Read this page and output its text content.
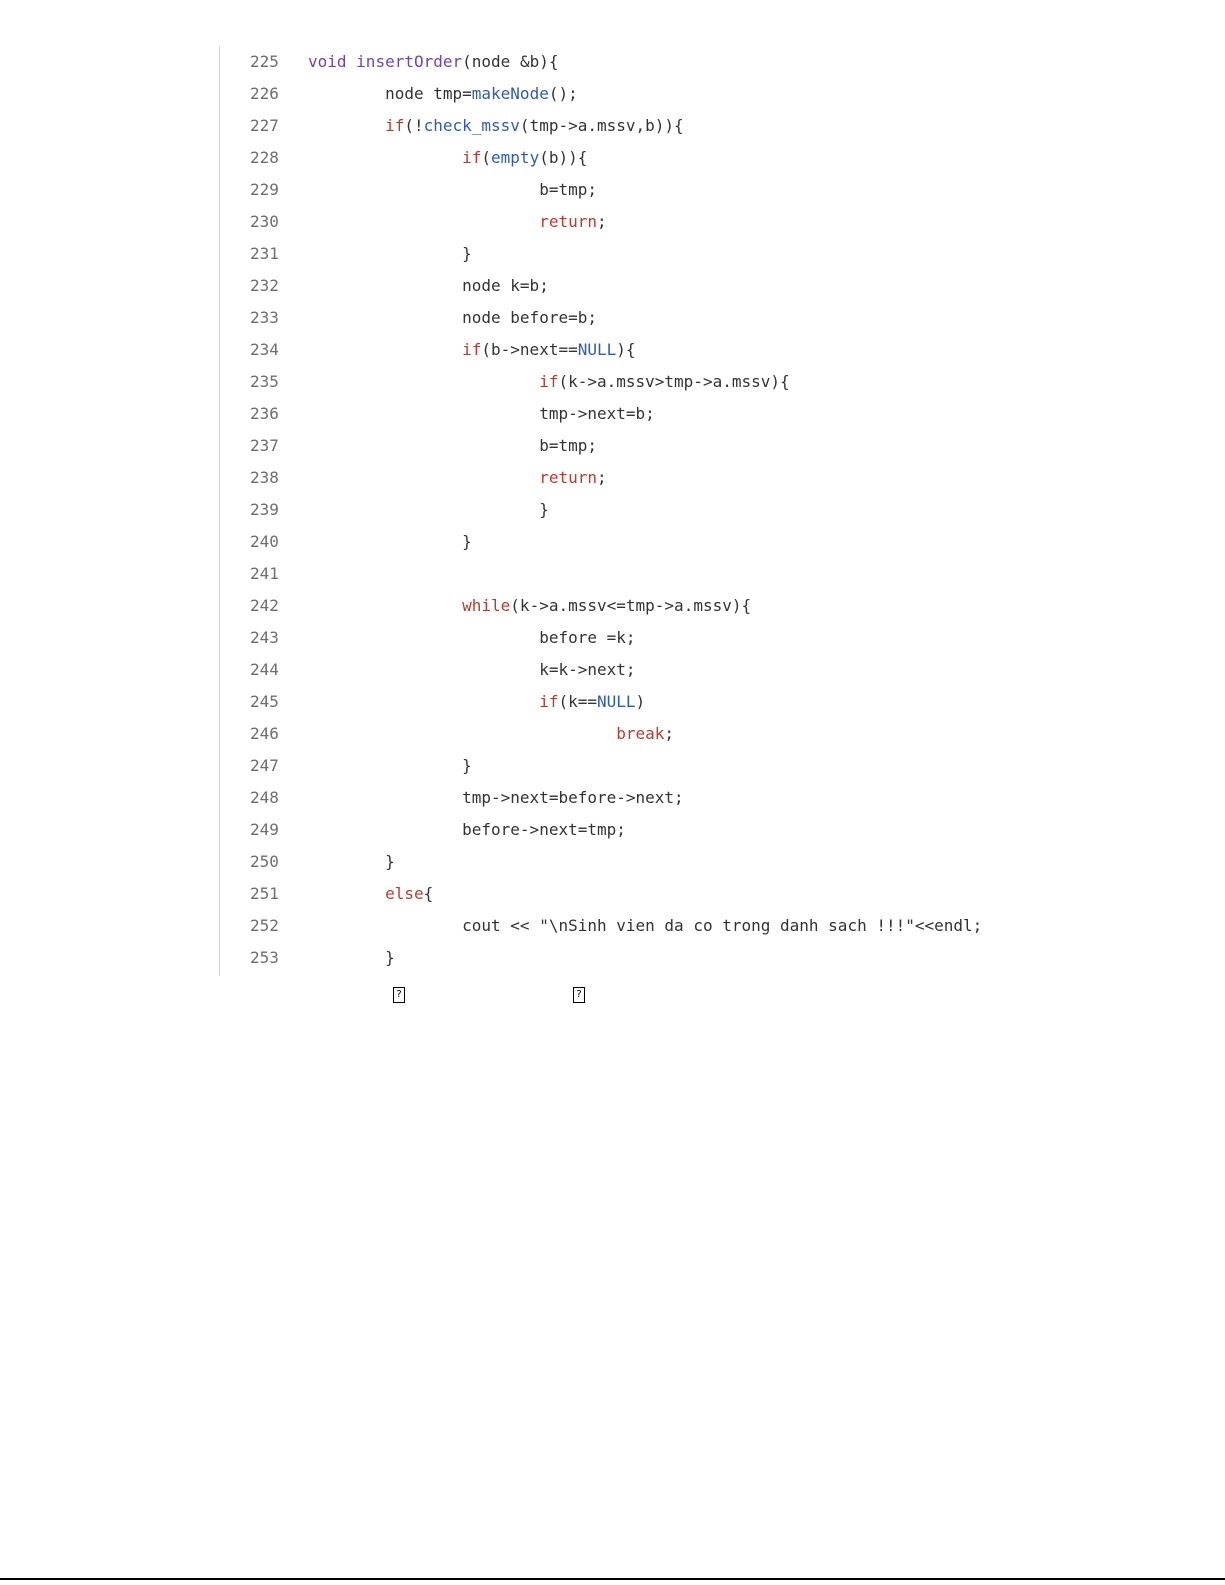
225	void insertOrder(node &b){
226	node tmp=makeNode();
227	if(!check_mssv(tmp->a.mssv,b)){
228	if(empty(b)){
229	b=tmp;
230	return;
231	}
232	node k=b;
233	node before=b;
234	if(b->next==NULL){
235	if(k->a.mssv>tmp->a.mssv){
236	tmp->next=b;
237	b=tmp;
238	return;
239	}
240	}
241
242	while(k->a.mssv<=tmp->a.mssv){
243	before =k;
244	k=k->next;
245	if(k==NULL)
246	break;
247	}
248	tmp->next=before->next;
249	before->next=tmp;
250	}
251	else{
252	cout << "\nSinh vien da co trong danh sach !!!"<<endl;
253	}
?	?
